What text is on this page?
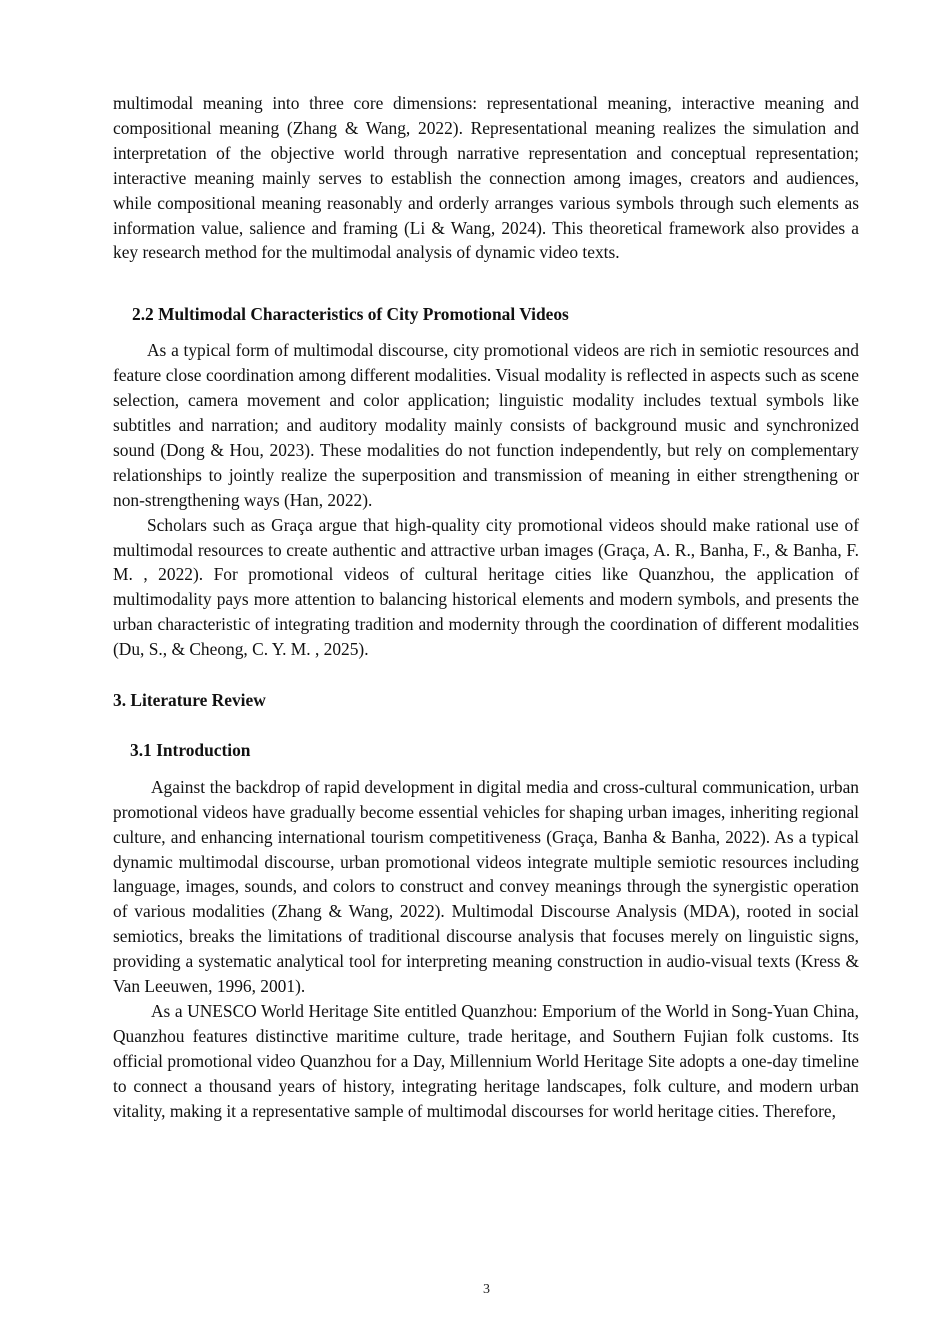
multimodal meaning into three core dimensions: representational meaning, interactive meaning and compositional meaning (Zhang & Wang, 2022). Representational meaning realizes the simulation and interpretation of the objective world through narrative representation and conceptual representation; interactive meaning mainly serves to establish the connection among images, creators and audiences, while compositional meaning reasonably and orderly arranges various symbols through such elements as information value, salience and framing (Li & Wang, 2024). This theoretical framework also provides a key research method for the multimodal analysis of dynamic video texts.

2.2 Multimodal Characteristics of City Promotional Videos

As a typical form of multimodal discourse, city promotional videos are rich in semiotic resources and feature close coordination among different modalities. Visual modality is reflected in aspects such as scene selection, camera movement and color application; linguistic modality includes textual symbols like subtitles and narration; and auditory modality mainly consists of background music and synchronized sound (Dong & Hou, 2023). These modalities do not function independently, but rely on complementary relationships to jointly realize the superposition and transmission of meaning in either strengthening or non-strengthening ways (Han, 2022).

Scholars such as Graça argue that high-quality city promotional videos should make rational use of multimodal resources to create authentic and attractive urban images (Graça, A. R., Banha, F., & Banha, F. M. , 2022). For promotional videos of cultural heritage cities like Quanzhou, the application of multimodality pays more attention to balancing historical elements and modern symbols, and presents the urban characteristic of integrating tradition and modernity through the coordination of different modalities (Du, S., & Cheong, C. Y. M. , 2025).

3. Literature Review
3.1 Introduction

Against the backdrop of rapid development in digital media and cross-cultural communication, urban promotional videos have gradually become essential vehicles for shaping urban images, inheriting regional culture, and enhancing international tourism competitiveness (Graça, Banha & Banha, 2022). As a typical dynamic multimodal discourse, urban promotional videos integrate multiple semiotic resources including language, images, sounds, and colors to construct and convey meanings through the synergistic operation of various modalities (Zhang & Wang, 2022). Multimodal Discourse Analysis (MDA), rooted in social semiotics, breaks the limitations of traditional discourse analysis that focuses merely on linguistic signs, providing a systematic analytical tool for interpreting meaning construction in audio-visual texts (Kress & Van Leeuwen, 1996, 2001).

As a UNESCO World Heritage Site entitled Quanzhou: Emporium of the World in Song-Yuan China, Quanzhou features distinctive maritime culture, trade heritage, and Southern Fujian folk customs. Its official promotional video Quanzhou for a Day, Millennium World Heritage Site adopts a one-day timeline to connect a thousand years of history, integrating heritage landscapes, folk culture, and modern urban vitality, making it a representative sample of multimodal discourses for world heritage cities. Therefore,

3
